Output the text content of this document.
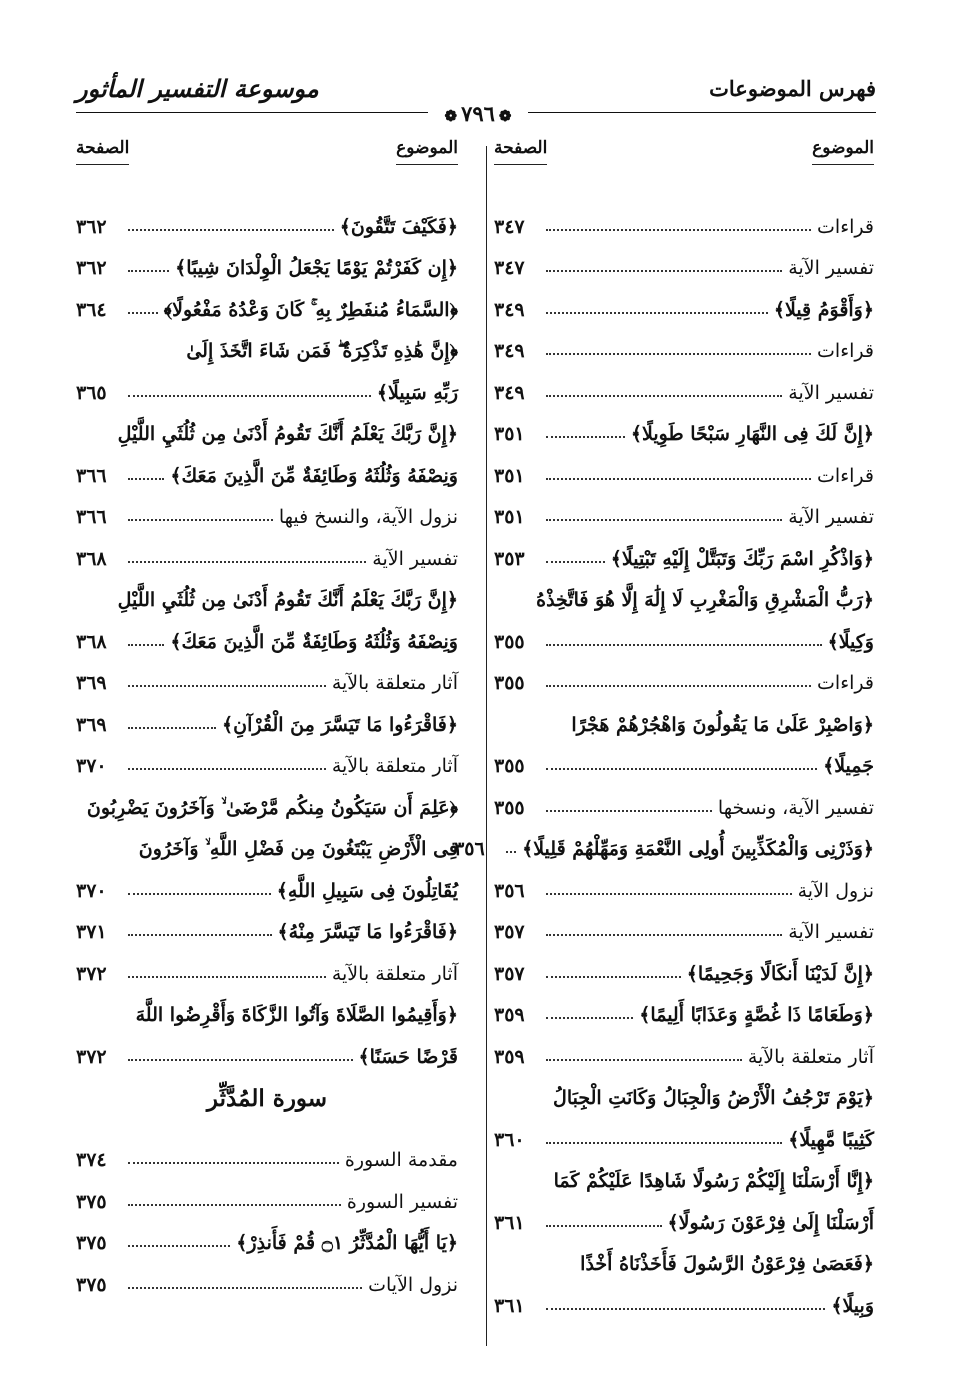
فهرس الموضوعات
موسوعة التفسير المأثور
❁٧٩٦❁
الموضوع
الصفحة
قراءات
٣٤٧
تفسير الآية
٣٤٧
﴿وَأَقْوَمُ قِيلًا﴾
٣٤٩
قراءات
٣٤٩
تفسير الآية
٣٤٩
﴿إِنَّ لَكَ فِى النَّهَارِ سَبْحًا طَوِيلًا﴾
٣٥١
قراءات
٣٥١
تفسير الآية
٣٥١
﴿وَاذْكُرِ اسْمَ رَبِّكَ وَتَبَتَّلْ إِلَيْهِ تَبْتِيلًا﴾
٣٥٣
﴿رَبُّ الْمَشْرِقِ وَالْمَغْرِبِ لَا إِلَٰهَ إِلَّا هُوَ فَاتَّخِذْهُ
وَكِيلًا﴾
٣٥٥
قراءات
٣٥٥
﴿وَاصْبِرْ عَلَىٰ مَا يَقُولُونَ وَاهْجُرْهُمْ هَجْرًا
جَمِيلًا﴾
٣٥٥
تفسير الآية، ونسخها
٣٥٥
﴿وَذَرْنِى وَالْمُكَذِّبِينَ أُولِى النَّعْمَةِ وَمَهِّلْهُمْ قَلِيلًا﴾
٣٥٦
نزول الآية
٣٥٦
تفسير الآية
٣٥٧
﴿إِنَّ لَدَيْنَا أَنكَالًا وَجَحِيمًا﴾
٣٥٧
﴿وَطَعَامًا ذَا غُصَّةٍ وَعَذَابًا أَلِيمًا﴾
٣٥٩
آثار متعلقة بالآية
٣٥٩
﴿يَوْمَ تَرْجُفُ الْأَرْضُ وَالْجِبَالُ وَكَانَتِ الْجِبَالُ
كَثِيبًا مَّهِيلًا﴾
٣٦٠
﴿إِنَّا أَرْسَلْنَا إِلَيْكُمْ رَسُولًا شَاهِدًا عَلَيْكُمْ كَمَا
أَرْسَلْنَا إِلَىٰ فِرْعَوْنَ رَسُولًا﴾
٣٦١
﴿فَعَصَىٰ فِرْعَوْنُ الرَّسُولَ فَأَخَذْنَاهُ أَخْذًا
وَبِيلًا﴾
٣٦١
الموضوع
الصفحة
﴿فَكَيْفَ تَتَّقُونَ﴾
٣٦٢
﴿إِن كَفَرْتُمْ يَوْمًا يَجْعَلُ الْوِلْدَانَ شِيبًا﴾
٣٦٢
﴿السَّمَاءُ مُنفَطِرٌ بِهِ ۚ كَانَ وَعْدُهُ مَفْعُولًا﴾
٣٦٤
﴿إِنَّ هَٰذِهِ تَذْكِرَةٌ ۖ فَمَن شَاءَ اتَّخَذَ إِلَىٰ
رَبِّهِ سَبِيلًا﴾
٣٦٥
﴿إِنَّ رَبَّكَ يَعْلَمُ أَنَّكَ تَقُومُ أَدْنَىٰ مِن ثُلُثَيِ اللَّيْلِ
وَنِصْفَهُ وَثُلُثَهُ وَطَائِفَةٌ مِّنَ الَّذِينَ مَعَكَ﴾
٣٦٦
نزول الآية، والنسخ فيها
٣٦٦
تفسير الآية
٣٦٨
﴿إِنَّ رَبَّكَ يَعْلَمُ أَنَّكَ تَقُومُ أَدْنَىٰ مِن ثُلُثَيِ اللَّيْلِ
وَنِصْفَهُ وَثُلُثَهُ وَطَائِفَةٌ مِّنَ الَّذِينَ مَعَكَ﴾
٣٦٨
آثار متعلقة بالآية
٣٦٩
﴿فَاقْرَءُوا مَا تَيَسَّرَ مِنَ الْقُرْآنِ﴾
٣٦٩
آثار متعلقة بالآية
٣٧٠
﴿عَلِمَ أَن سَيَكُونُ مِنكُم مَّرْضَىٰ ۙ وَآخَرُونَ يَضْرِبُونَ
فِى الْأَرْضِ يَبْتَغُونَ مِن فَضْلِ اللَّهِ ۙ وَآخَرُونَ
يُقَاتِلُونَ فِى سَبِيلِ اللَّهِ﴾
٣٧٠
﴿فَاقْرَءُوا مَا تَيَسَّرَ مِنْهُ﴾
٣٧١
آثار متعلقة بالآية
٣٧٢
﴿وَأَقِيمُوا الصَّلَاةَ وَآتُوا الزَّكَاةَ وَأَقْرِضُوا اللَّهَ
قَرْضًا حَسَنًا﴾
٣٧٢
سورة المُدَّثِّر
مقدمة السورة
٣٧٤
تفسير السورة
٣٧٥
﴿يَا أَيُّهَا الْمُدَّثِّرُ ۝١ قُمْ فَأَنذِرْ﴾
٣٧٥
نزول الآيات
٣٧٥
